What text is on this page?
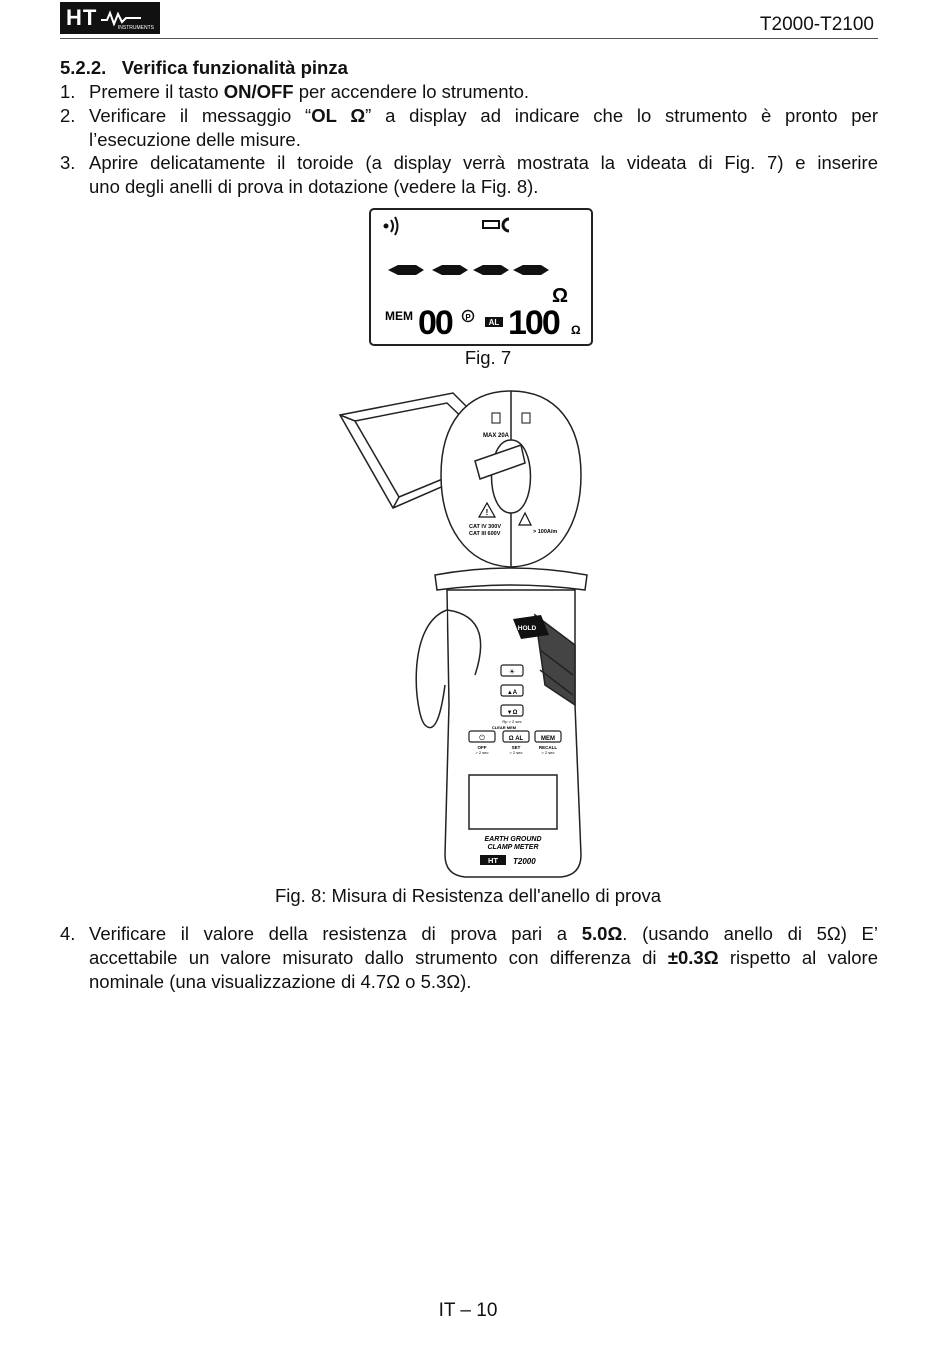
HT	INSTRUMENTS	T2000-T2100
5.2.2. Verifica funzionalità pinza
1. Premere il tasto ON/OFF per accendere lo strumento.
2. Verificare il messaggio “OL Ω” a display ad indicare che lo strumento è pronto per
l’esecuzione delle misure.
3. Aprire delicatamente il toroide (a display verrà mostrata la videata di Fig. 7) e inserire
uno degli anelli di prova in dotazione (vedere la Fig. 8).
Ω
MEM 00 P
AL 100 Ω
Fig. 7
MAX 20A
CAT IV 300V
CAT III 600V	> 100A/m
!
HOLD
☀
▲A
▼Ω
Rp > 2 sec
CLEAR MEM
⏻	Ω AL	MEM
OFF
> 2 sec
SET
> 2 sec
RECALL
> 2 sec
EARTH GROUND
CLAMP METER
HT T2000
Fig. 8: Misura di Resistenza dell'anello di prova
4. Verificare il valore della resistenza di prova pari a 5.0Ω. (usando anello di 5Ω) E’
accettabile un valore misurato dallo strumento con differenza di ±0.3Ω rispetto al valore
nominale (una visualizzazione di 4.7Ω o 5.3Ω).
IT – 10
